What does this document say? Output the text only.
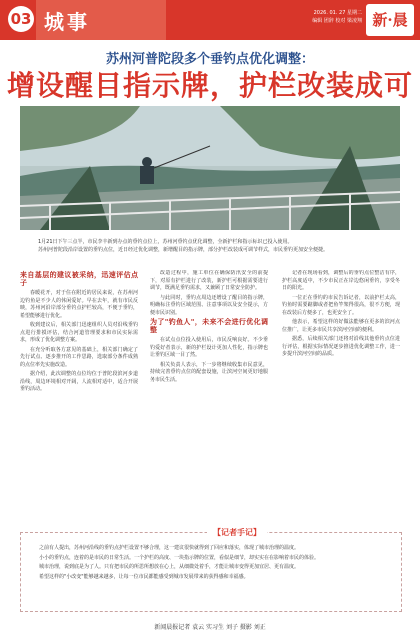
03 城事	2026. 01. 27 星期二
编辑 团辞 校对 梁凌翔 新·晨
苏州河普陀段多个垂钓点优化调整：
增设醒目指示牌，护栏改装成可
1月21日下午三点半，市民李丰新到办点的垂钓点位上，苏州河垂钓点优化调整，全新护栏和指示标识已投入使用。
苏州河普陀段沿岸设置的垂钓点位，近日经过优化调整，新增醒目的指示牌，部分护栏改装成可调节样式，市民垂钓更加安全便捷。
来自基层的建议被采纳，迅速评估点子

春暖花开，对于住在附近的居民来说，在苏州河边钓鱼是不少人的休闲爱好。早在去年，就有市民反映，苏州河沿岸部分垂钓点护栏较高，不便于垂钓，希望能够进行优化。

收到建议后，相关部门迅速组织人员对沿线垂钓点进行排摸评估，结合河道管理要求和市民实际需求，形成了优化调整方案。

在充分听取各方意见的基础上，相关部门确定了先行试点、逐步推开的工作思路，选取部分条件成熟的点位率先实施改造。

据介绍，此次调整的点位均位于普陀段滨河步道沿线，周边环境相对开阔，人流相对适中，适合开展垂钓活动。

改造过程中，施工单位在确保防汛安全的前提下，对原有护栏进行了改装，新护栏可根据需要进行调节，既满足垂钓需求，又兼顾了日常安全防护。

与此同时，垂钓点周边还增设了醒目的指示牌，明确标注垂钓区域范围、注意事项以及安全提示，方便市民识别。

为了"钓鱼人"，未来不会进行优化调整

在试点点位投入使用后，市民反响良好。不少垂钓爱好者表示，新的护栏设计更加人性化，指示牌也让垂钓区域一目了然。

相关负责人表示，下一步将继续收集市民意见，持续完善垂钓点位的配套设施，让滨河空间更好地服务市民生活。

记者在现场看到，调整后的垂钓点位整洁有序，护栏高度适中，不少市民正在岸边悠闲垂钓，享受冬日的阳光。

一位正在垂钓的市民告诉记者，以前护栏太高，钓鱼时需要踮脚或者把鱼竿架得很高，很不方便，现在改装后方便多了，也更安全了。

他表示，希望这样的好做法能够在更多的滨河点位推广，让更多市民共享滨河空间的便利。

据悉，后续相关部门还将对沿线其他垂钓点位进行评估，根据实际情况逐步推进优化调整工作，进一步提升滨河空间的品质。

【记者手记】

之前有人提出，苏州河沿线的垂钓点护栏设置不够合理，这一建议很快就得到了回应和落实，体现了城市治理的温度。

小小的垂钓点，连着的是市民的日常生活。一个护栏的高度、一块指示牌的位置，看似是细节，却实实在在影响着市民的体验。

城市治理，说到底是为了人。只有把市民的所思所想放在心上，从细微处着手，才能让城市变得更加宜居、更有温度。

希望这样的"小改变"能够越来越多，让每一位市民都能感受到城市发展带来的获得感和幸福感。

新闻晨报记者 袁云 实习生 刘子 摄影 刘正
